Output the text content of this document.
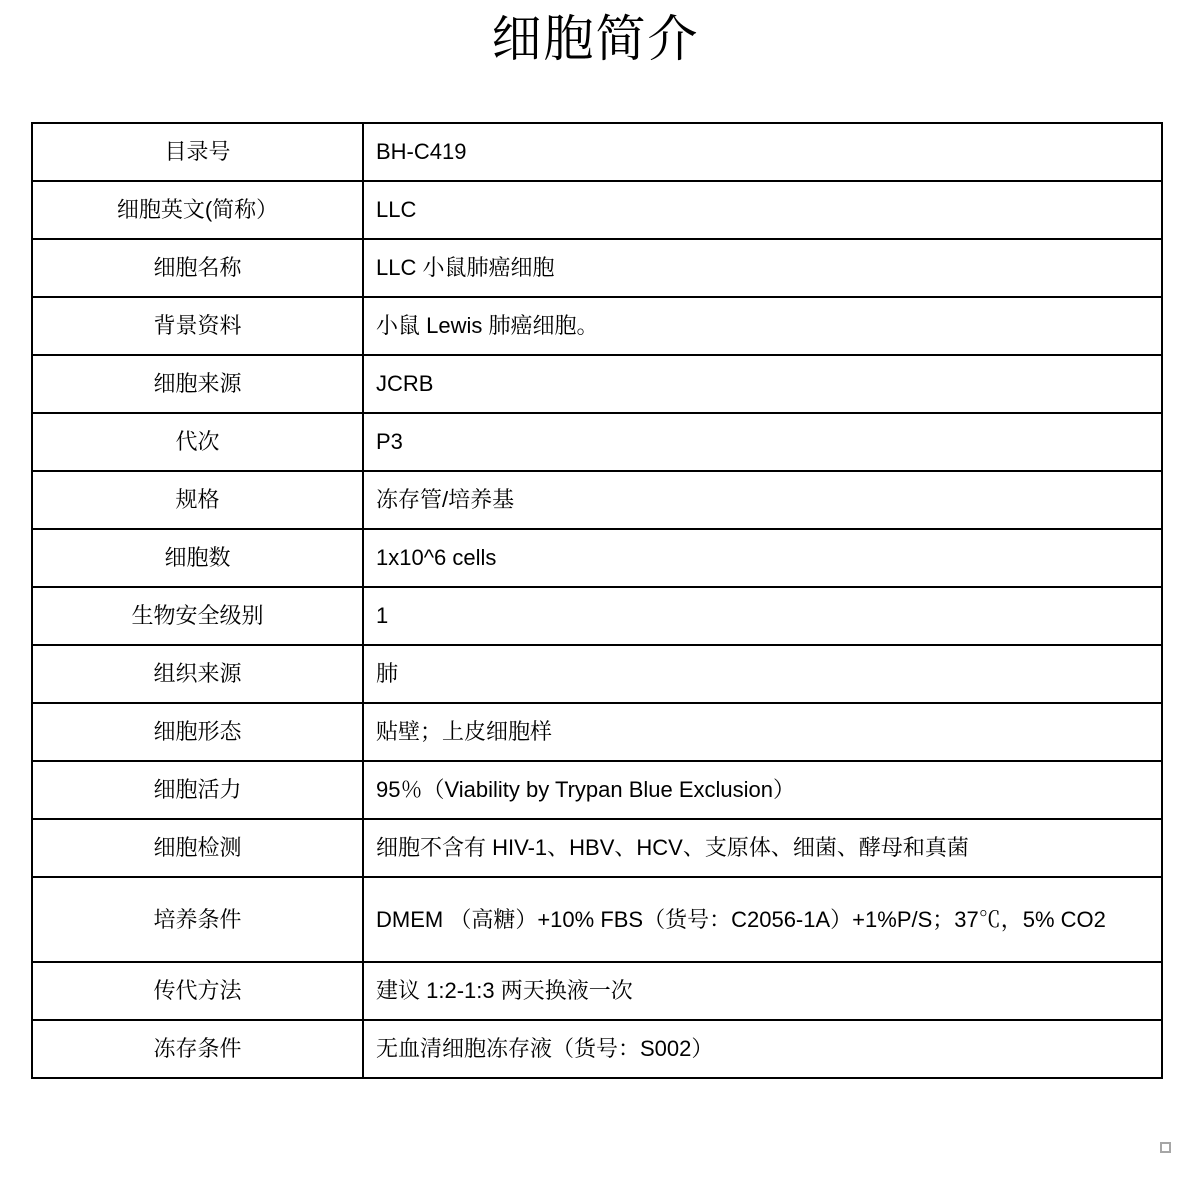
细胞简介
目录号	BH-C419
细胞英文(简称）	LLC
细胞名称	LLC 小鼠肺癌细胞
背景资料	小鼠 Lewis 肺癌细胞。
细胞来源	JCRB
代次	P3
规格	冻存管/培养基
细胞数	1x10^6 cells
生物安全级别	1
组织来源	肺
细胞形态	贴壁；上皮细胞样
细胞活力	95％（Viability by Trypan Blue Exclusion）
细胞检测	细胞不含有 HIV-1、HBV、HCV、支原体、细菌、酵母和真菌
培养条件	DMEM （高糖）+10% FBS（货号：C2056-1A）+1%P/S；37℃，5% CO2
传代方法	建议 1:2-1:3 两天换液一次
冻存条件	无血清细胞冻存液（货号：S002）
